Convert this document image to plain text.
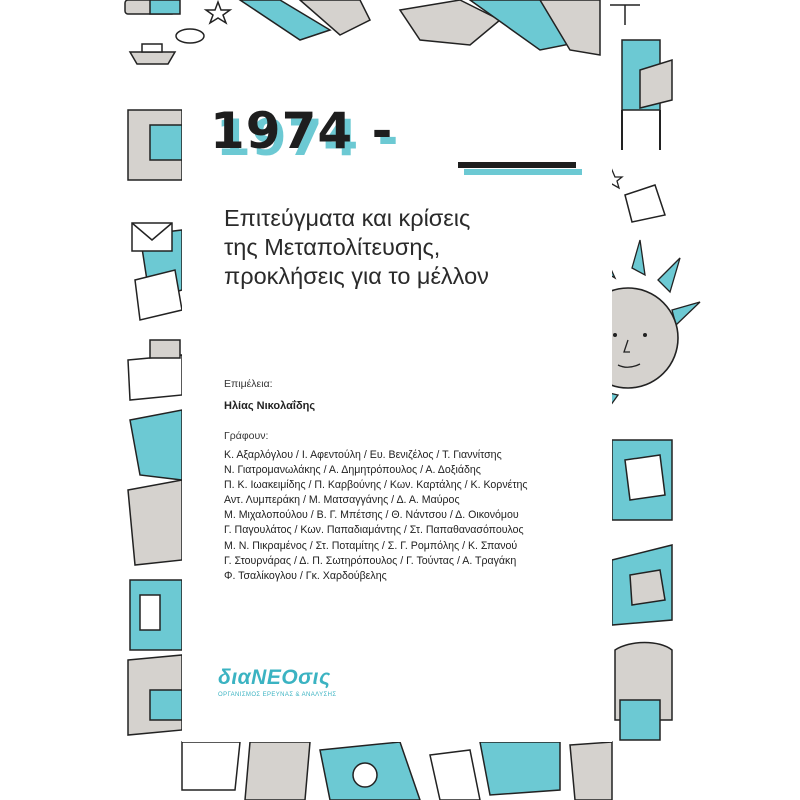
1974 -
Επιτεύγματα και κρίσεις
της Μεταπολίτευσης,
προκλήσεις για το μέλλον
Επιμέλεια:
Ηλίας Νικολαΐδης
Γράφουν:
Κ. Αξαρλόγλου / Ι. Αφεντούλη / Ευ. Βενιζέλος / Τ. Γιαννίτσης
Ν. Γιατρομανωλάκης / Α. Δημητρόπουλος / Α. Δοξιάδης
Π. Κ. Ιωακειμίδης / Π. Καρβούνης / Κων. Καρτάλης / Κ. Κορνέτης
Αντ. Λυμπεράκη / Μ. Ματσαγγάνης / Δ. Α. Μαύρος
Μ. Μιχαλοπούλου / Β. Γ. Μπέτσης / Θ. Νάντσου / Δ. Οικονόμου
Γ. Παγουλάτος / Κων. Παπαδιαμάντης / Στ. Παπαθανασόπουλος
Μ. Ν. Πικραμένος / Στ. Ποταμίτης / Σ. Γ. Ρομπόλης / Κ. Σπανού
Γ. Στουρνάρας / Δ. Π. Σωτηρόπουλος / Γ. Τούντας / Α. Τραγάκη
Φ. Τσαλίκογλου / Γκ. Χαρδούβελης
διαΝΕΟσις
ΟΡΓΑΝΙΣΜΟΣ ΕΡΕΥΝΑΣ & ΑΝΑΛΥΣΗΣ
